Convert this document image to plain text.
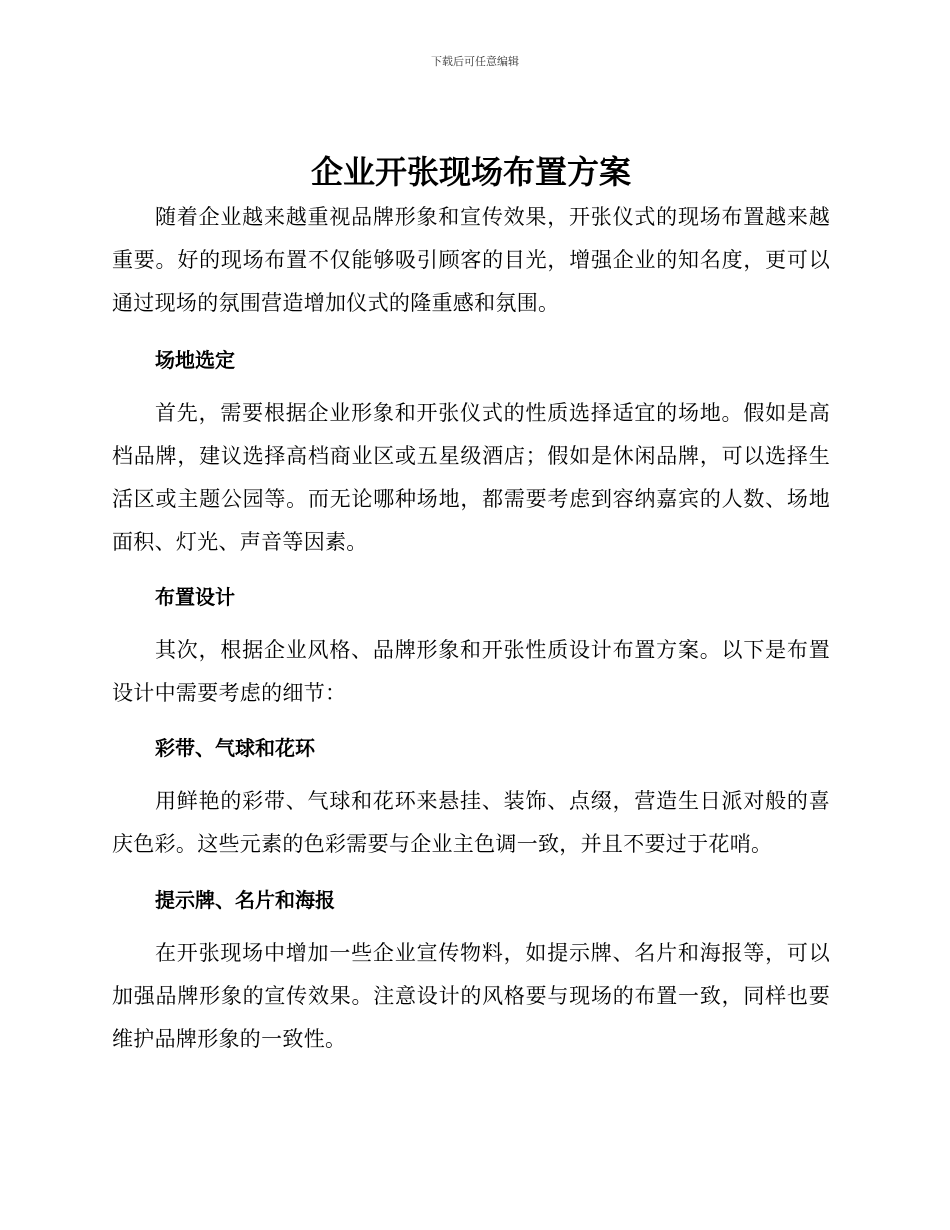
下载后可任意编辑
企业开张现场布置方案

随着企业越来越重视品牌形象和宣传效果，开张仪式的现场布置越来越重要。好的现场布置不仅能够吸引顾客的目光，增强企业的知名度，更可以通过现场的氛围营造增加仪式的隆重感和氛围。

场地选定

首先，需要根据企业形象和开张仪式的性质选择适宜的场地。假如是高档品牌，建议选择高档商业区或五星级酒店；假如是休闲品牌，可以选择生活区或主题公园等。而无论哪种场地，都需要考虑到容纳嘉宾的人数、场地面积、灯光、声音等因素。

布置设计

其次，根据企业风格、品牌形象和开张性质设计布置方案。以下是布置设计中需要考虑的细节：

彩带、气球和花环

用鲜艳的彩带、气球和花环来悬挂、装饰、点缀，营造生日派对般的喜庆色彩。这些元素的色彩需要与企业主色调一致，并且不要过于花哨。

提示牌、名片和海报

在开张现场中增加一些企业宣传物料，如提示牌、名片和海报等，可以加强品牌形象的宣传效果。注意设计的风格要与现场的布置一致，同样也要维护品牌形象的一致性。
